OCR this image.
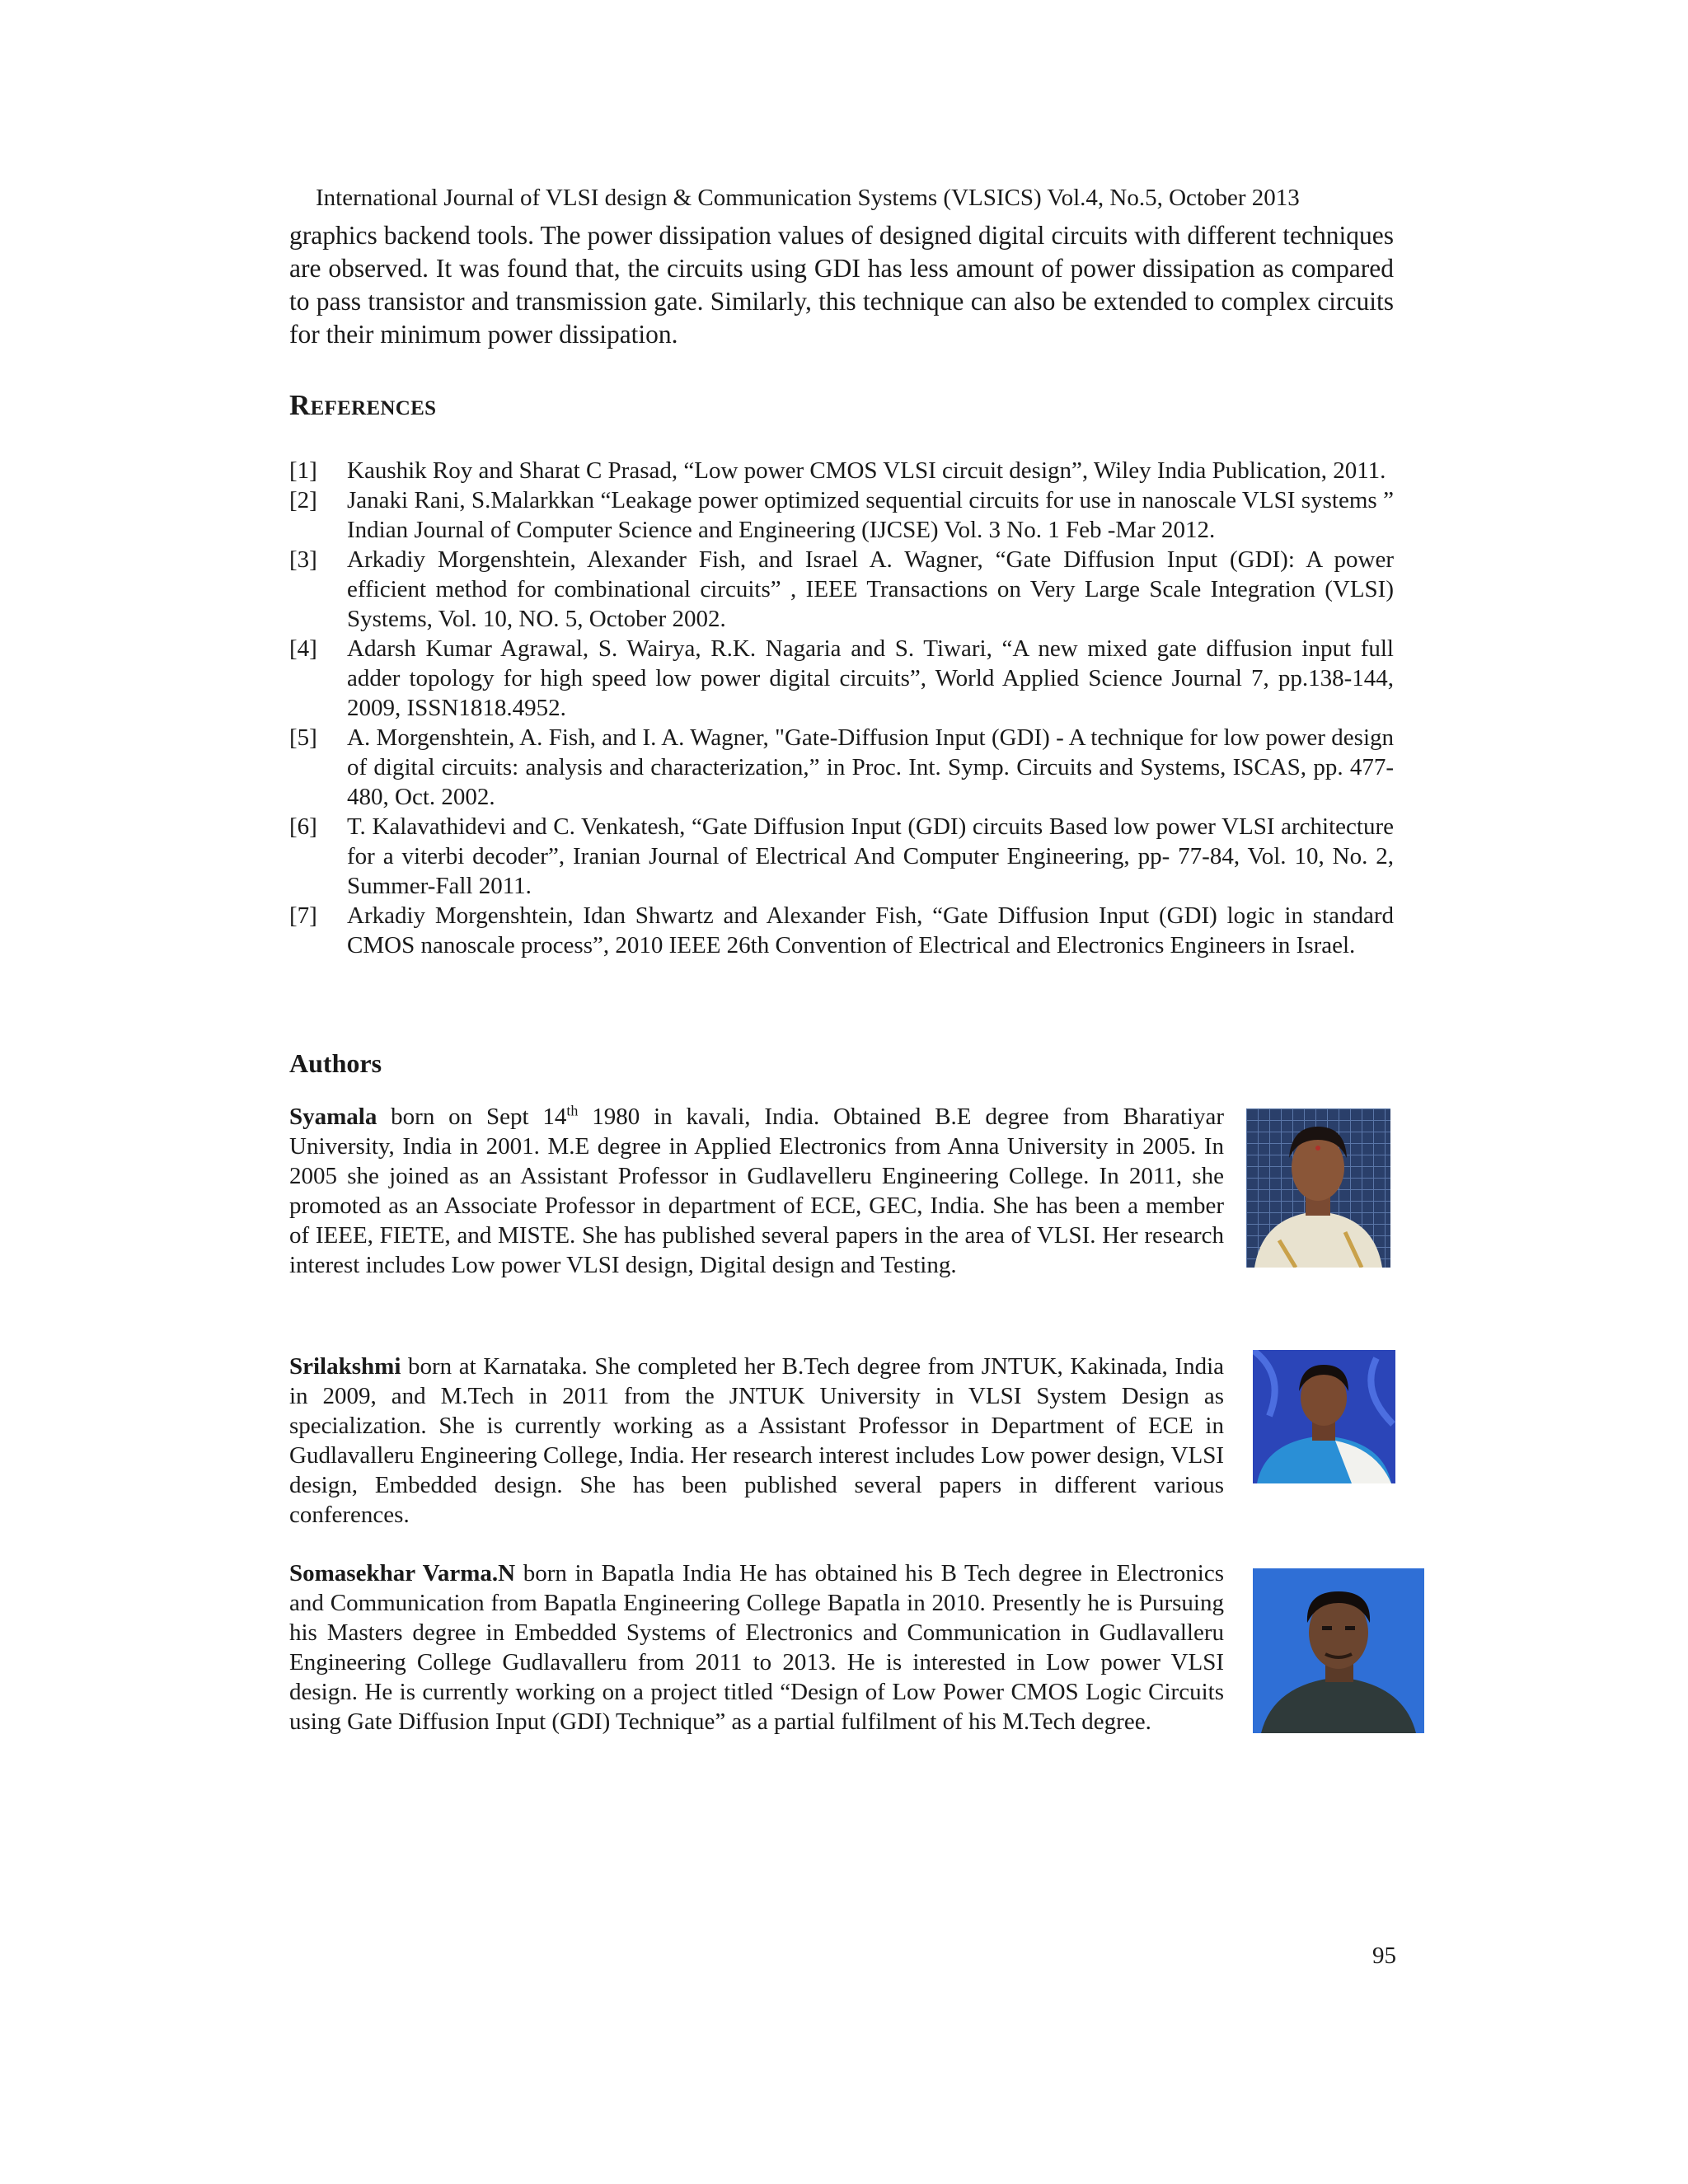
International Journal of VLSI design & Communication Systems (VLSICS) Vol.4, No.5, October 2013

graphics backend tools. The power dissipation values of designed digital circuits with different techniques are observed. It was found that, the circuits using GDI has less amount of power dissipation as compared to pass transistor and transmission gate. Similarly, this technique can also be extended to complex circuits for their minimum power dissipation.

References
[1]	Kaushik Roy and Sharat C Prasad, “Low power CMOS VLSI circuit design”, Wiley India Publication, 2011.
[2]	Janaki Rani, S.Malarkkan “Leakage power optimized sequential circuits for use in nanoscale VLSI systems ” Indian Journal of Computer Science and Engineering (IJCSE) Vol. 3 No. 1 Feb -Mar 2012.
[3]	Arkadiy Morgenshtein, Alexander Fish, and Israel A. Wagner, “Gate Diffusion Input (GDI): A power efficient method for combinational circuits” , IEEE Transactions on Very Large Scale Integration (VLSI) Systems, Vol. 10, NO. 5, October 2002.
[4]	Adarsh Kumar Agrawal, S. Wairya, R.K. Nagaria and S. Tiwari, “A new mixed gate diffusion input full adder topology for high speed low power digital circuits”, World Applied Science Journal 7, pp.138-144, 2009, ISSN1818.4952.
[5]	A. Morgenshtein, A. Fish, and I. A. Wagner, "Gate-Diffusion Input (GDI) - A technique for low power design of digital circuits: analysis and characterization,” in Proc. Int. Symp. Circuits and Systems, ISCAS, pp. 477-480, Oct. 2002.
[6]	T. Kalavathidevi and C. Venkatesh, “Gate Diffusion Input (GDI) circuits Based low power VLSI architecture for a viterbi decoder”, Iranian Journal of Electrical And Computer Engineering, pp- 77-84, Vol. 10, No. 2, Summer-Fall 2011.
[7]	Arkadiy Morgenshtein, Idan Shwartz and Alexander Fish, “Gate Diffusion Input (GDI) logic in standard CMOS nanoscale process”, 2010 IEEE 26th Convention of Electrical and Electronics Engineers in Israel.
Authors
Syamala born on Sept 14th 1980 in kavali, India. Obtained B.E degree from Bharatiyar University, India in 2001. M.E degree in Applied Electronics from Anna University in 2005. In 2005 she joined as an Assistant Professor in Gudlavelleru Engineering College. In 2011, she promoted as an Associate Professor in department of ECE, GEC, India. She has been a member of IEEE, FIETE, and MISTE. She has published several papers in the area of VLSI. Her research interest includes Low power VLSI design, Digital design and Testing.
Srilakshmi born at Karnataka. She completed her B.Tech degree from JNTUK, Kakinada, India in 2009, and M.Tech in 2011 from the JNTUK University in VLSI System Design as specialization. She is currently working as a Assistant Professor in Department of ECE in Gudlavalleru Engineering College, India. Her research interest includes Low power design, VLSI design, Embedded design. She has been published several papers in different various conferences.
Somasekhar Varma.N born in Bapatla India He has obtained his B Tech degree in Electronics and Communication from Bapatla Engineering College Bapatla in 2010. Presently he is Pursuing his Masters degree in Embedded Systems of Electronics and Communication in Gudlavalleru Engineering College Gudlavalleru from 2011 to 2013. He is interested in Low power VLSI design. He is currently working on a project titled “Design of Low Power CMOS Logic Circuits using Gate Diffusion Input (GDI) Technique” as a partial fulfilment of his M.Tech degree.
95
